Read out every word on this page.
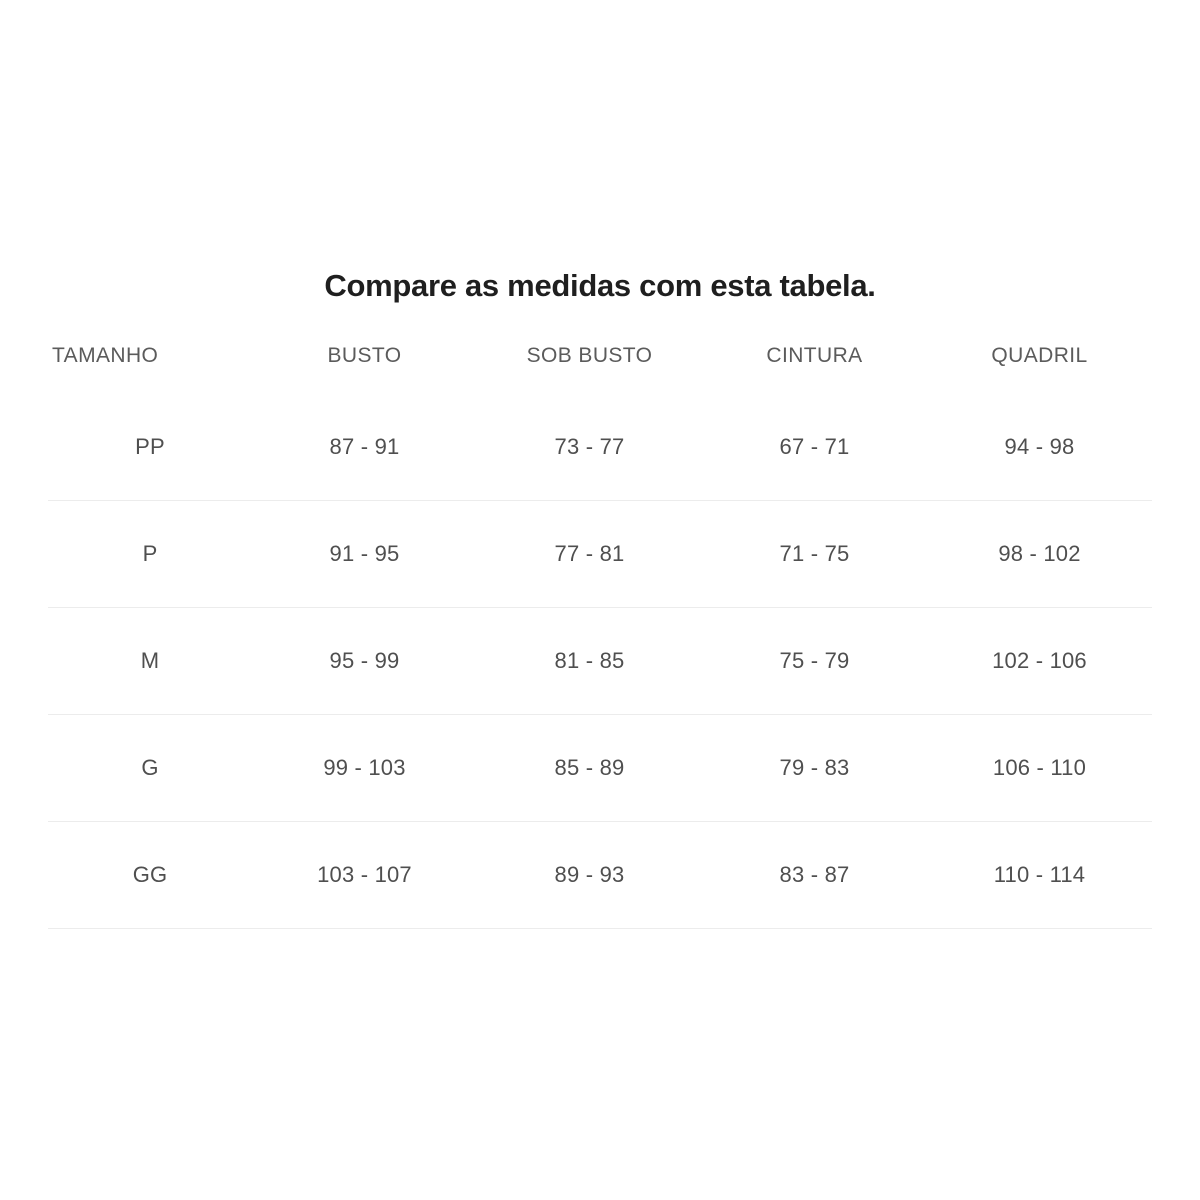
Compare as medidas com esta tabela.
TAMANHO	BUSTO	SOB BUSTO	CINTURA	QUADRIL
PP	87 - 91	73 - 77	67 - 71	94 - 98
P	91 - 95	77 - 81	71 - 75	98 - 102
M	95 - 99	81 - 85	75 - 79	102 - 106
G	99 - 103	85 - 89	79 - 83	106 - 110
GG	103 - 107	89 - 93	83 - 87	110 - 114
